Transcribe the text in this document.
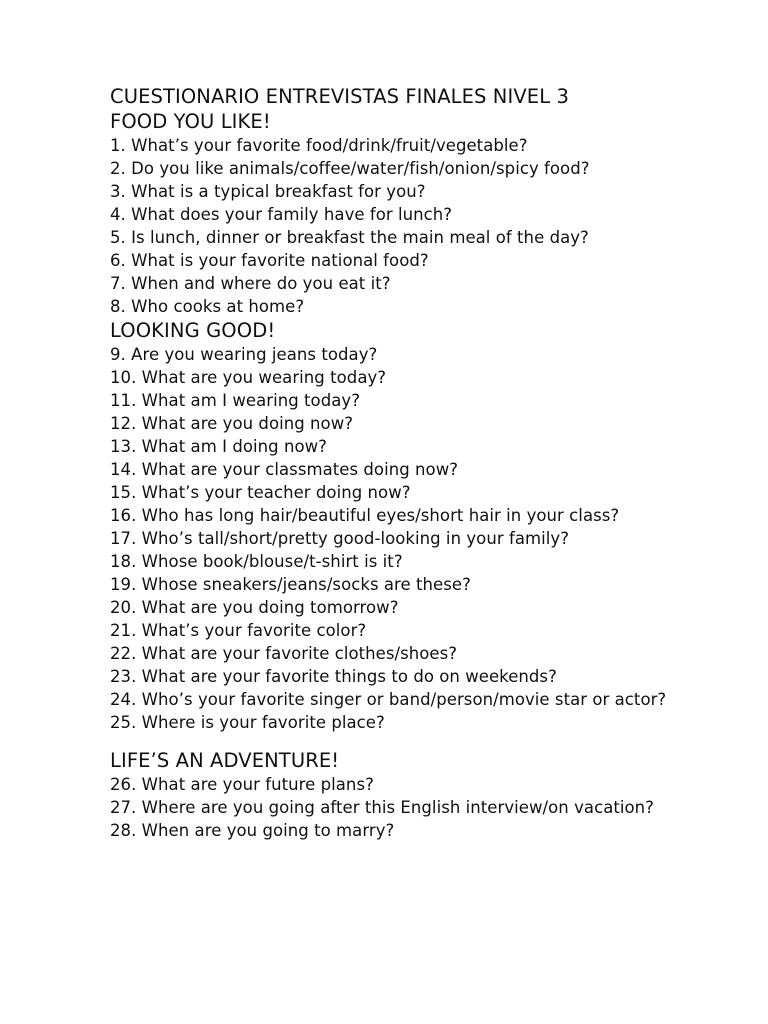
CUESTIONARIO ENTREVISTAS FINALES NIVEL 3
FOOD YOU LIKE!
1. What’s your favorite food/drink/fruit/vegetable?
2. Do you like animals/coffee/water/fish/onion/spicy food?
3. What is a typical breakfast for you?
4. What does your family have for lunch?
5. Is lunch, dinner or breakfast the main meal of the day?
6. What is your favorite national food?
7. When and where do you eat it?
8. Who cooks at home?
LOOKING GOOD!
9. Are you wearing jeans today?
10. What are you wearing today?
11. What am I wearing today?
12. What are you doing now?
13. What am I doing now?
14. What are your classmates doing now?
15. What’s your teacher doing now?
16. Who has long hair/beautiful eyes/short hair in your class?
17. Who’s tall/short/pretty good-looking in your family?
18. Whose book/blouse/t-shirt is it?
19. Whose sneakers/jeans/socks are these?
20. What are you doing tomorrow?
21. What’s your favorite color?
22. What are your favorite clothes/shoes?
23. What are your favorite things to do on weekends?
24. Who’s your favorite singer or band/person/movie star or actor?
25. Where is your favorite place?
LIFE’S AN ADVENTURE!
26. What are your future plans?
27. Where are you going after this English interview/on vacation?
28. When are you going to marry?
